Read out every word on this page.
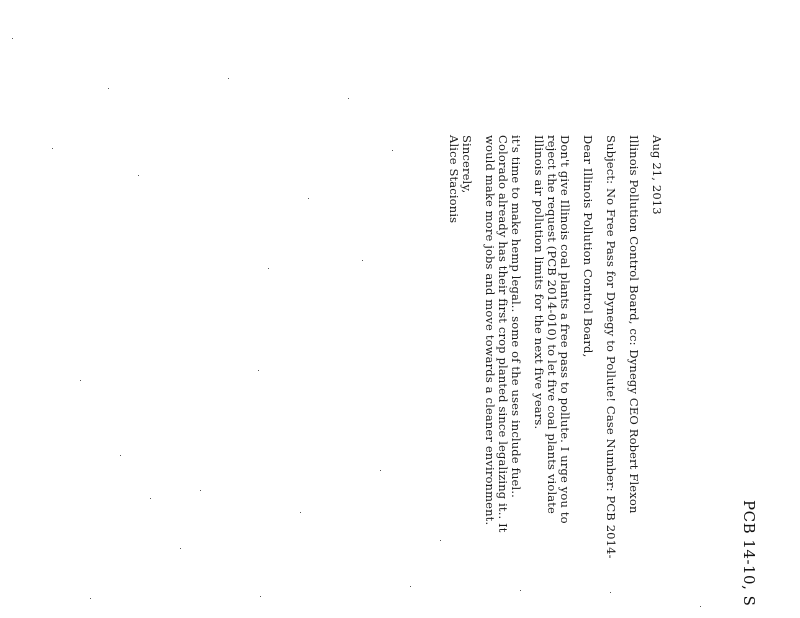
PCB 14-10, S
Aug 21, 2013
Illinois Pollution Control Board, cc: Dynegy CEO Robert Flexon
Subject: No Free Pass for Dynegy to Pollute! Case Number: PCB 2014-
Dear Illinois Pollution Control Board,
Don't give Illinois coal plants a free pass to pollute. I urge you to
reject the request (PCB 2014-010) to let five coal plants violate
Illinois air pollution limits for the next five years.
it's time to make hemp legal.. some of the uses include fuel..
Colorado already has their first crop planted since legalizing it.. It
would make more jobs and move towards a cleaner environment.
Sincerely,
Alice Stacionis
